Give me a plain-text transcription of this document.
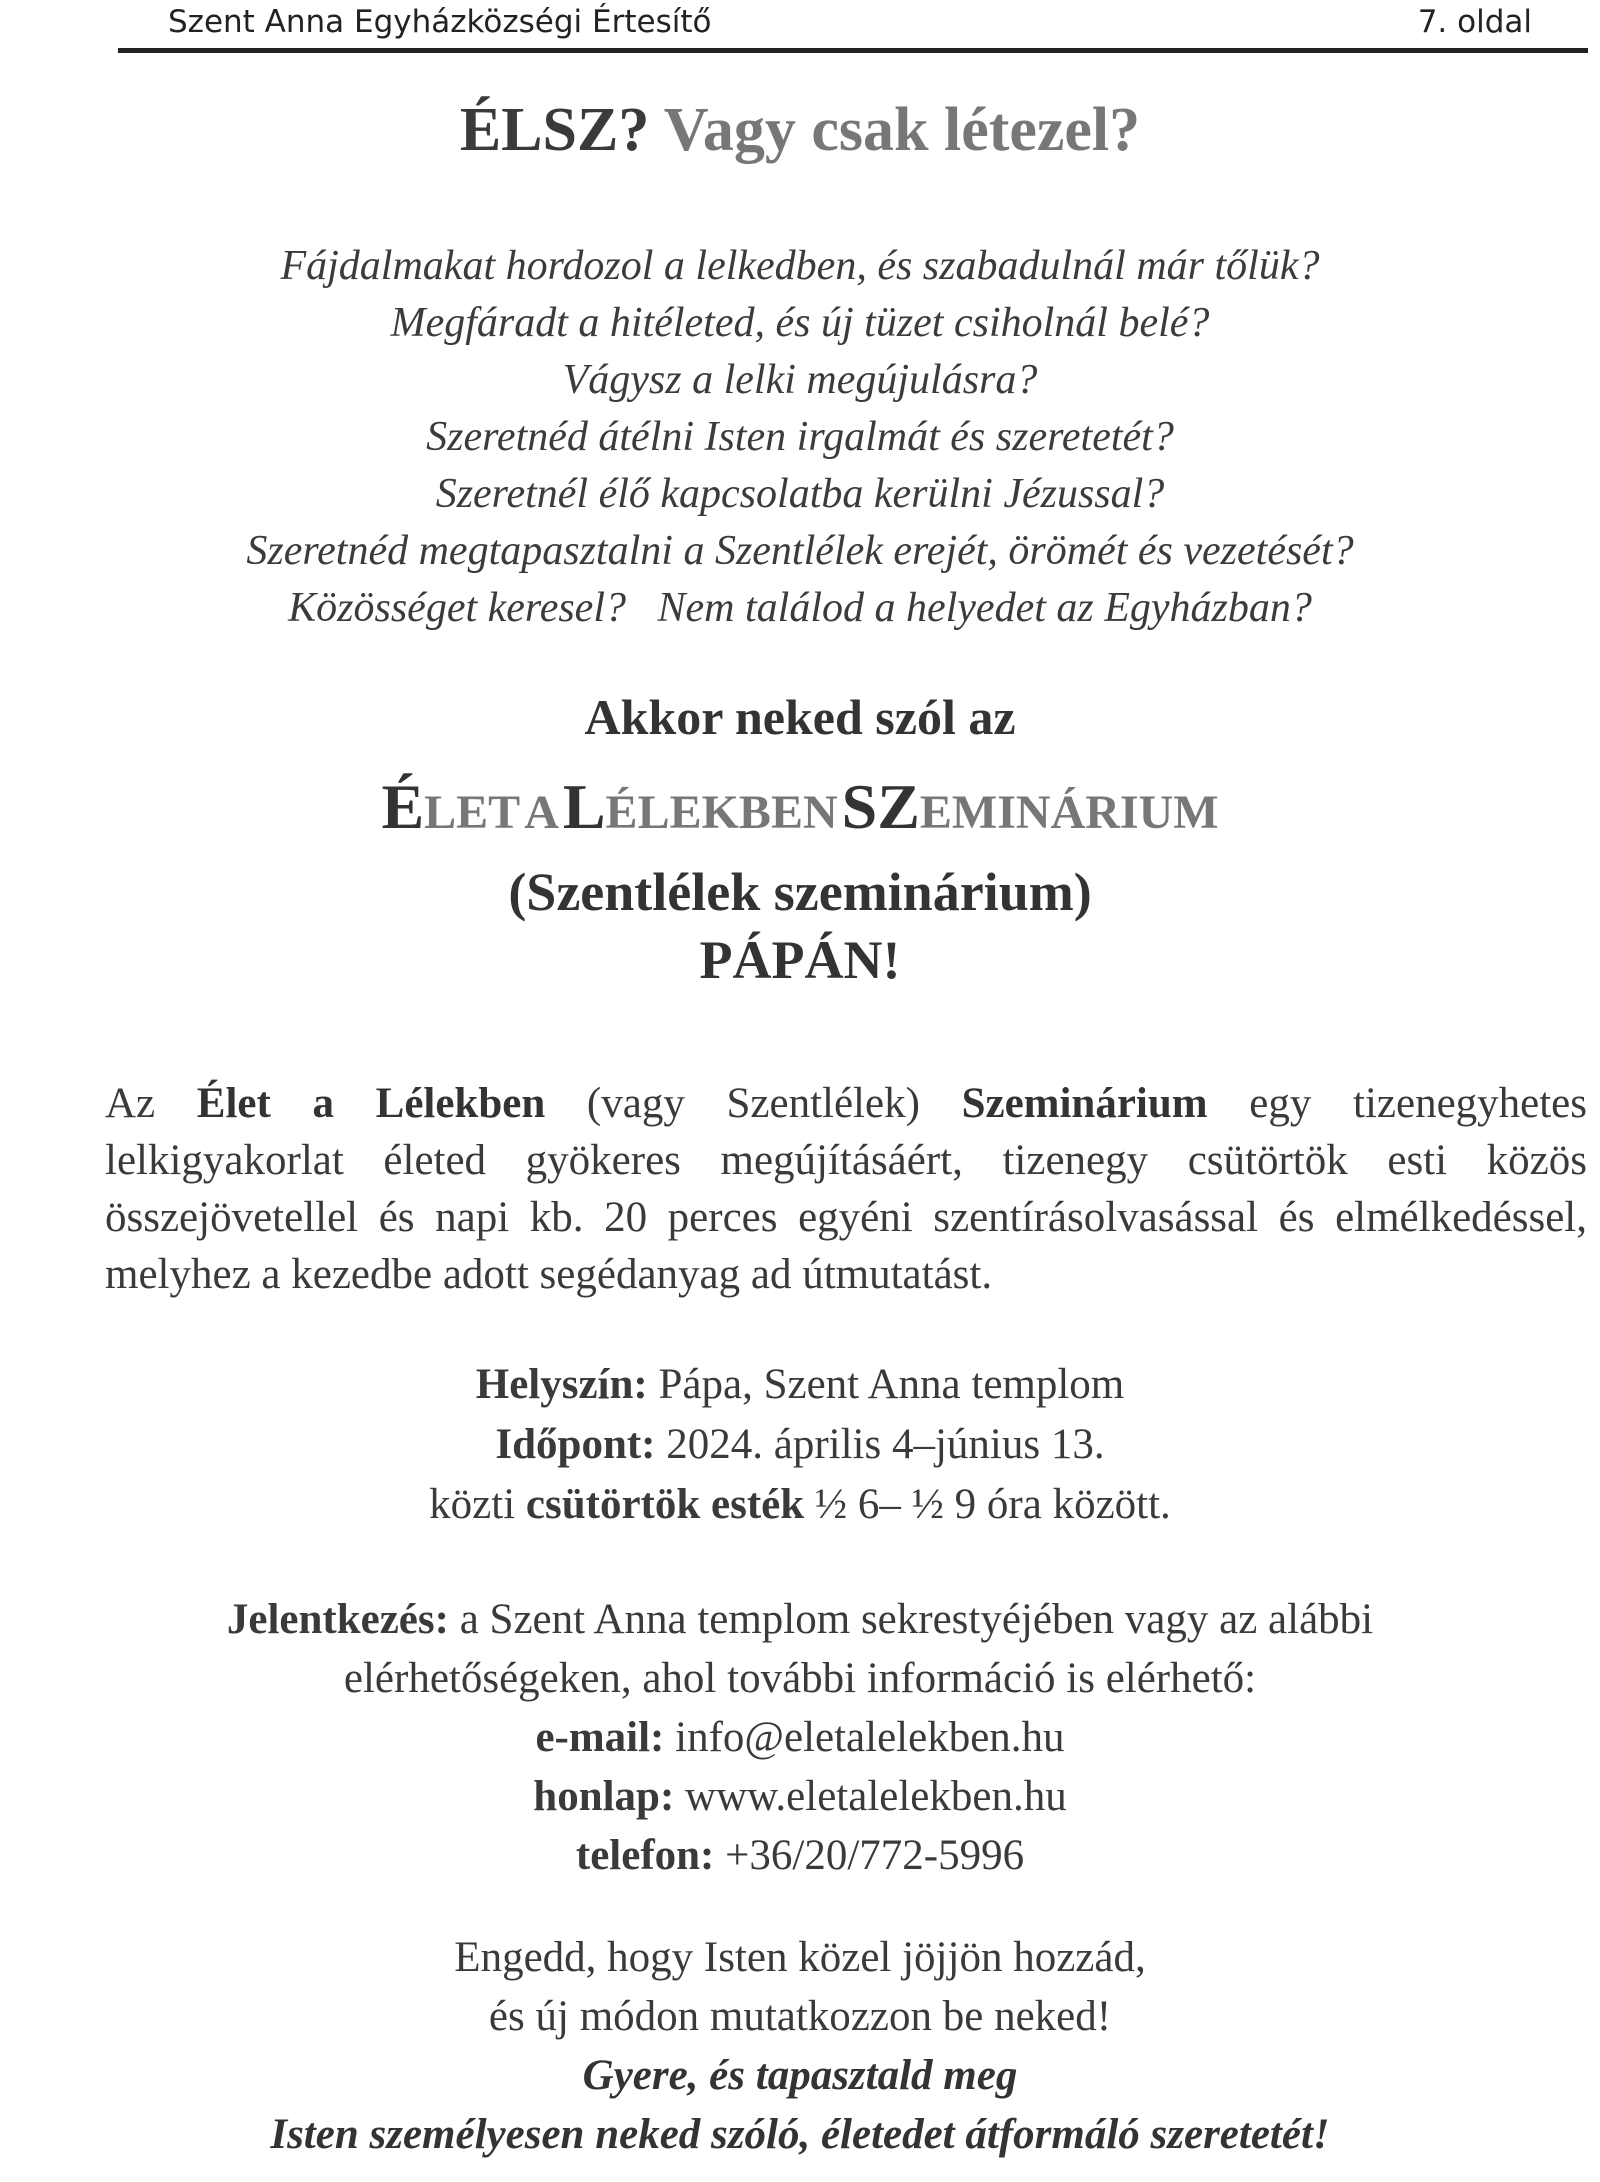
Szent Anna Egyházközségi Értesítő	7. oldal
ÉLSZ? Vagy csak létezel?
Fájdalmakat hordozol a lelkedben, és szabadulnál már tőlük?
Megfáradt a hitéleted, és új tüzet csiholnál belé?
Vágysz a lelki megújulásra?
Szeretnéd átélni Isten irgalmát és szeretetét?
Szeretnél élő kapcsolatba kerülni Jézussal?
Szeretnéd megtapasztalni a Szentlélek erejét, örömét és vezetését?
Közösséget keresel?   Nem találod a helyedet az Egyházban?
Akkor neked szól az
ÉLET A LÉLEKBEN SZEMINÁRIUM
(Szentlélek szeminárium)
PÁPÁN!
Az Élet a Lélekben (vagy Szentlélek) Szeminárium egy tizenegyhetes lelkigyakorlat életed gyökeres megújításáért, tizenegy csütörtök esti közös összejövetellel és napi kb. 20 perces egyéni szentírásolvasással és elmélkedéssel, melyhez a kezedbe adott segédanyag ad útmutatást.
Helyszín: Pápa, Szent Anna templom
Időpont: 2024. április 4–június 13.
közti csütörtök esték ½ 6– ½ 9 óra között.
Jelentkezés: a Szent Anna templom sekrestyéjében vagy az alábbi
elérhetőségeken, ahol további információ is elérhető:
e-mail: info@eletalelekben.hu
honlap: www.eletalelekben.hu
telefon: +36/20/772-5996
Engedd, hogy Isten közel jöjjön hozzád,
és új módon mutatkozzon be neked!
Gyere, és tapasztald meg
Isten személyesen neked szóló, életedet átformáló szeretetét!
